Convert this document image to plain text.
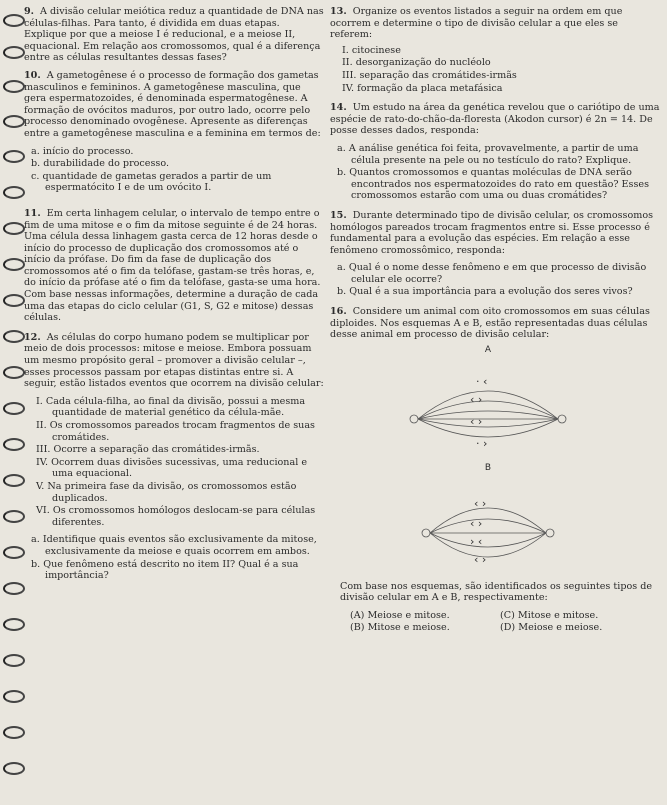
9. A divisão celular meiótica reduz a quantidade de DNA nas células-filhas. Para tanto, é dividida em duas etapas. Explique por que a meiose I é reducional, e a meiose II, equacional. Em relação aos cromossomos, qual é a diferença entre as células resultantes dessas fases?
10. A gametogênese é o processo de formação dos gametas masculinos e femininos. A gametogênese masculina, que gera espermatozoides, é denominada espermatogênese. A formação de ovócitos maduros, por outro lado, ocorre pelo processo denominado ovogênese. Apresente as diferenças entre a gametogênese masculina e a feminina em termos de:
a. início do processo.
b. durabilidade do processo.
c. quantidade de gametas gerados a partir de um espermatócito I e de um ovócito I.
11. Em certa linhagem celular, o intervalo de tempo entre o fim de uma mitose e o fim da mitose seguinte é de 24 horas. Uma célula dessa linhagem gasta cerca de 12 horas desde o início do processo de duplicação dos cromossomos até o início da prófase. Do fim da fase de duplicação dos cromossomos até o fim da telófase, gastam-se três horas, e, do início da prófase até o fim da telófase, gasta-se uma hora. Com base nessas informações, determine a duração de cada uma das etapas do ciclo celular (G1, S, G2 e mitose) dessas células.
12. As células do corpo humano podem se multiplicar por meio de dois processos: mitose e meiose. Embora possuam um mesmo propósito geral – promover a divisão celular –, esses processos passam por etapas distintas entre si. A seguir, estão listados eventos que ocorrem na divisão celular:
I. Cada célula-filha, ao final da divisão, possui a mesma quantidade de material genético da célula-mãe.
II. Os cromossomos pareados trocam fragmentos de suas cromátides.
III. Ocorre a separação das cromátides-irmãs.
IV. Ocorrem duas divisões sucessivas, uma reducional e uma equacional.
V. Na primeira fase da divisão, os cromossomos estão duplicados.
VI. Os cromossomos homólogos deslocam-se para células diferentes.
a. Identifique quais eventos são exclusivamente da mitose, exclusivamente da meiose e quais ocorrem em ambos.
b. Que fenômeno está descrito no item II? Qual é a sua importância?
13. Organize os eventos listados a seguir na ordem em que ocorrem e determine o tipo de divisão celular a que eles se referem:
I. citocinese
II. desorganização do nucléolo
III. separação das cromátides-irmãs
IV. formação da placa metafásica
14. Um estudo na área da genética revelou que o cariótipo de uma espécie de rato-do-chão-da-floresta (Akodon cursor) é 2n = 14. De posse desses dados, responda:
a. A análise genética foi feita, provavelmente, a partir de uma célula presente na pele ou no testículo do rato? Explique.
b. Quantos cromossomos e quantas moléculas de DNA serão encontrados nos espermatozoides do rato em questão? Esses cromossomos estarão com uma ou duas cromátides?
15. Durante determinado tipo de divisão celular, os cromossomos homólogos pareados trocam fragmentos entre si. Esse processo é fundamental para a evolução das espécies. Em relação a esse fenômeno cromossômico, responda:
a. Qual é o nome desse fenômeno e em que processo de divisão celular ele ocorre?
b. Qual é a sua importância para a evolução dos seres vivos?
16. Considere um animal com oito cromossomos em suas células diploides. Nos esquemas A e B, estão representadas duas células desse animal em processo de divisão celular:
A
‹ ›
‹ ›
· ›
· ‹
B
‹ ›
‹ ›
› ‹
‹ ›
Com base nos esquemas, são identificados os seguintes tipos de divisão celular em A e B, respectivamente:
(A) Meiose e mitose.	(C) Mitose e mitose.
(B) Mitose e meiose.	(D) Meiose e meiose.
